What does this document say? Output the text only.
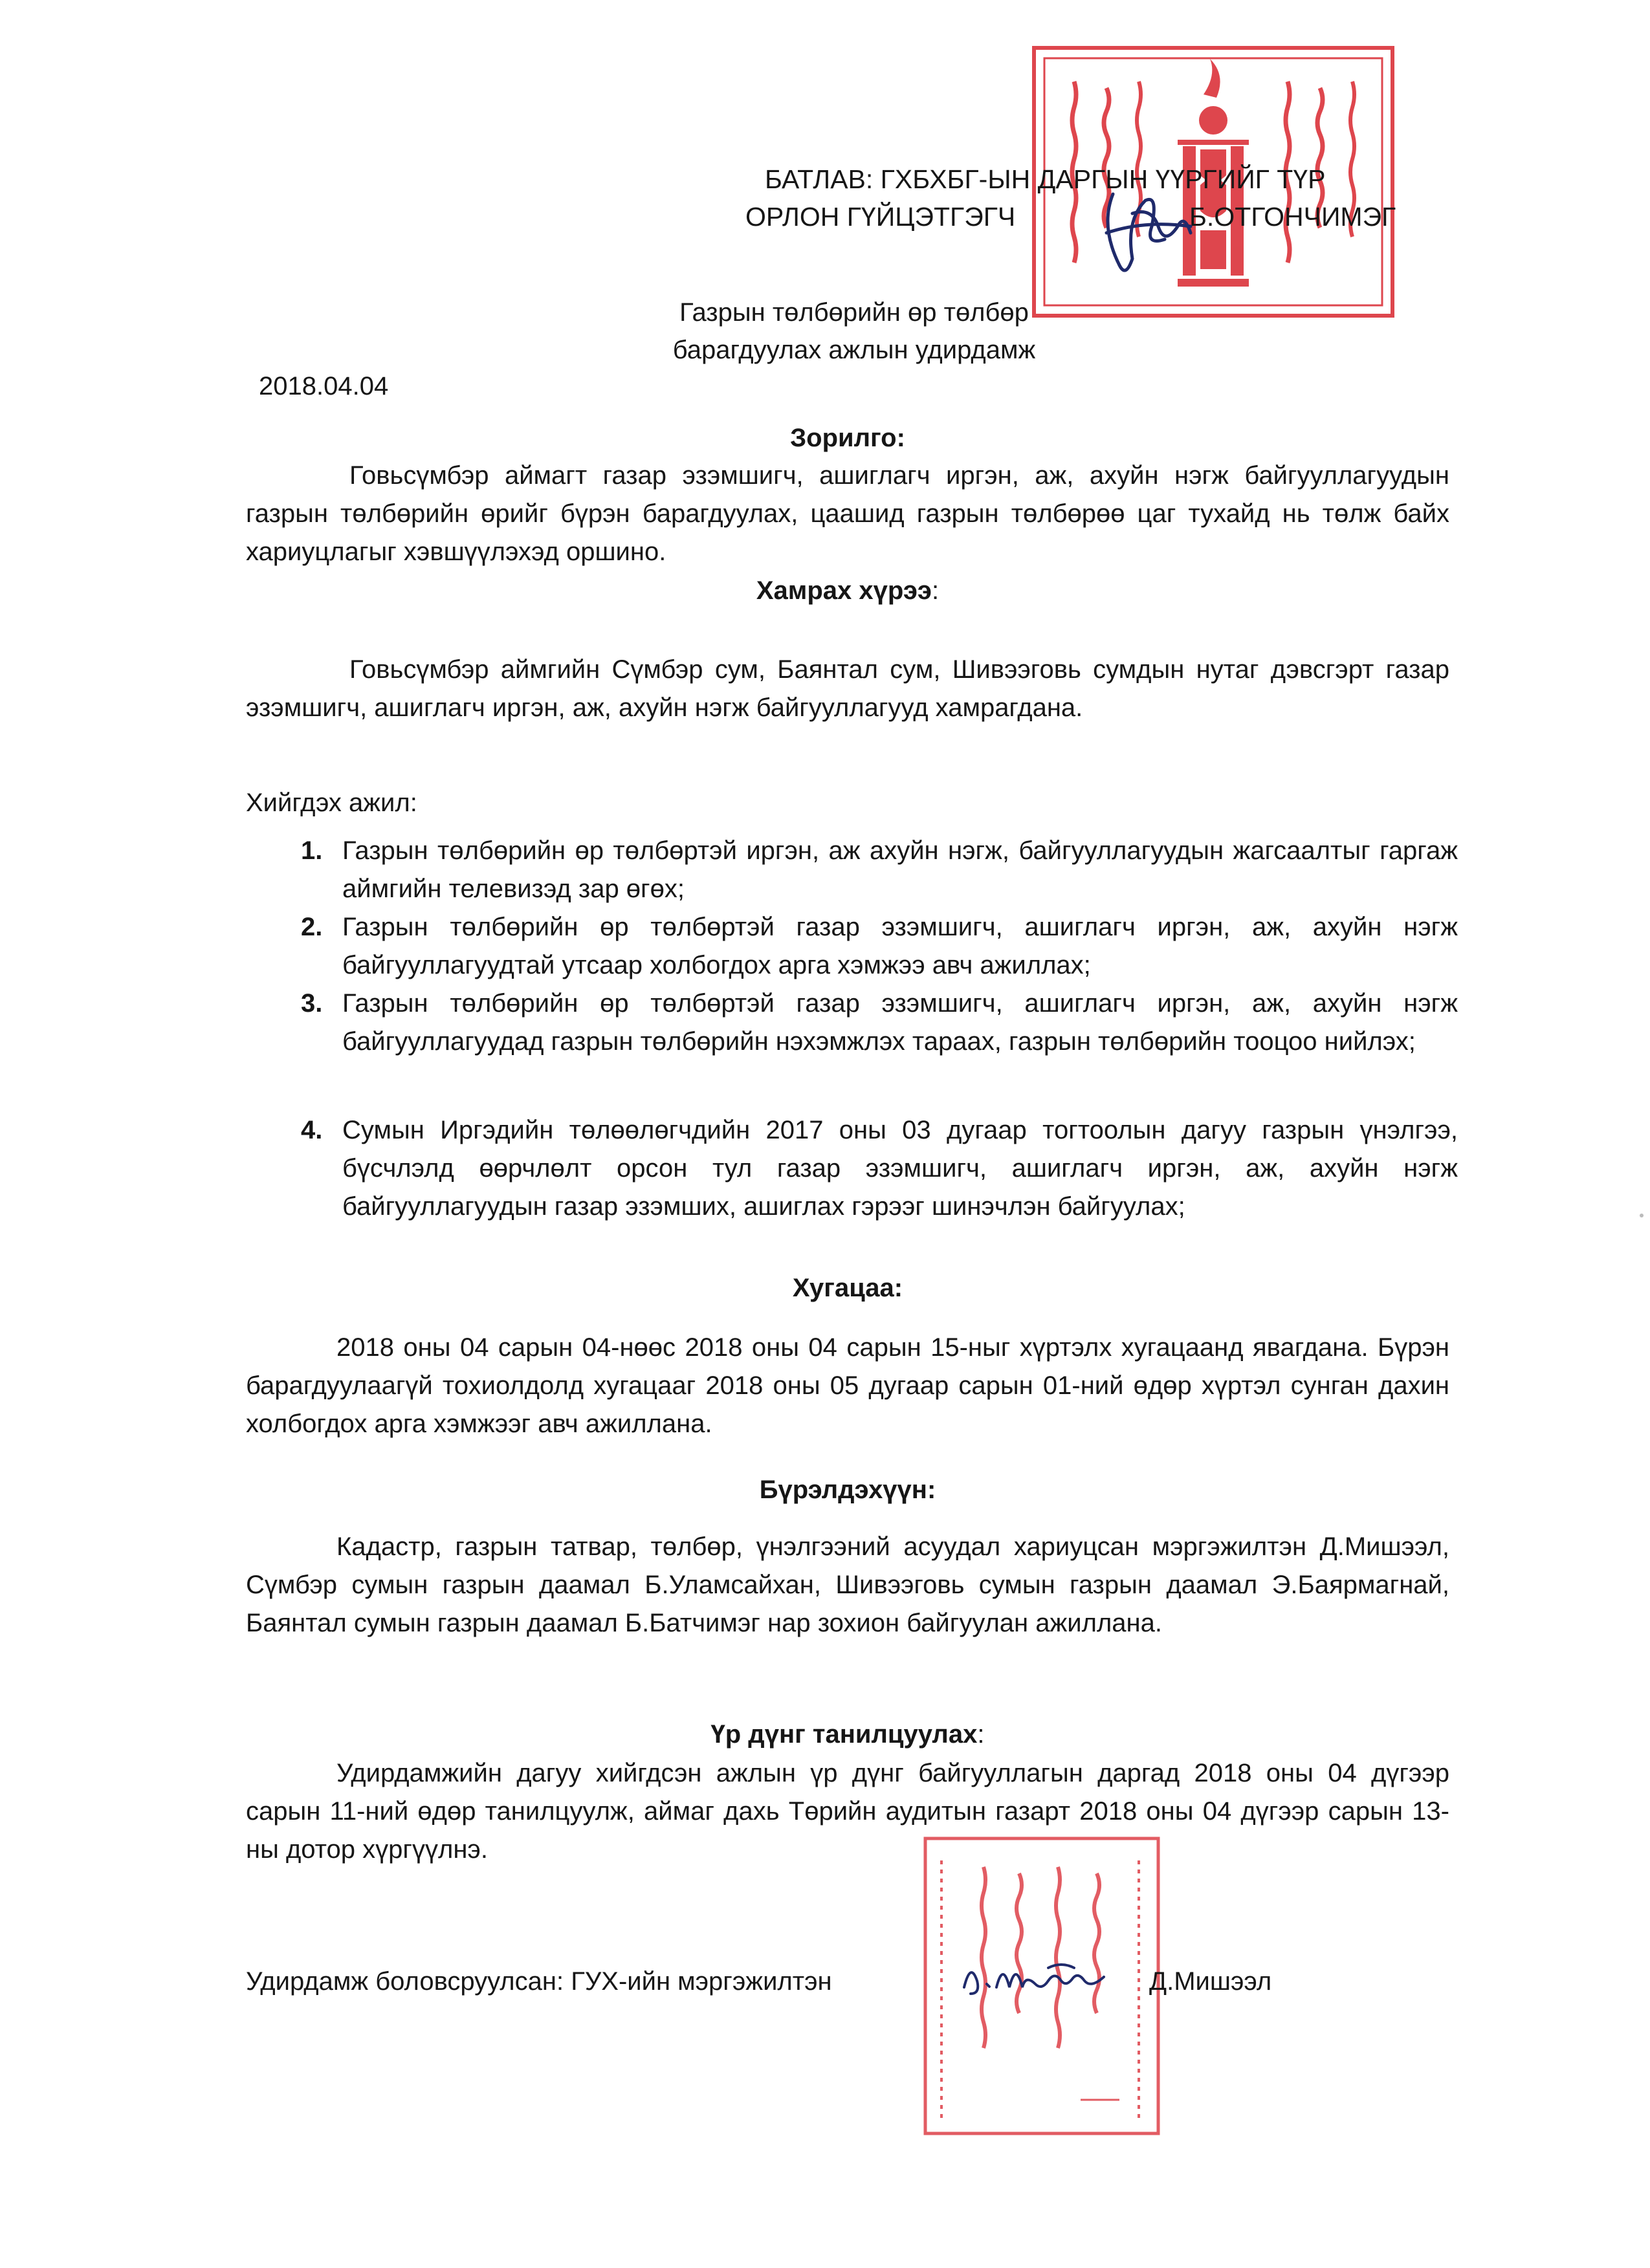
БАТЛАВ: ГХБХБГ-ЫН ДАРГЫН ҮҮРГИЙГ ТҮР
ОРЛОН ГҮЙЦЭТГЭГЧ	Б.ОТГОНЧИМЭГ
Газрын төлбөрийн өр төлбөр
барагдуулах ажлын удирдамж
2018.04.04
Зорилго:
Говьсүмбэр аймагт газар эзэмшигч, ашиглагч иргэн, аж, ахуйн нэгж байгууллагуудын газрын төлбөрийн өрийг бүрэн барагдуулах, цаашид газрын төлбөрөө цаг тухайд нь төлж байх хариуцлагыг хэвшүүлэхэд оршино.
Хамрах хүрээ:
Говьсүмбэр аймгийн Сүмбэр сум, Баянтал сум, Шивээговь сумдын нутаг дэвсгэрт газар эзэмшигч, ашиглагч иргэн, аж, ахуйн нэгж байгууллагууд хамрагдана.
Хийгдэх ажил:
1. Газрын төлбөрийн өр төлбөртэй иргэн, аж ахуйн нэгж, байгууллагуудын жагсаалтыг гаргаж аймгийн телевизэд зар өгөх;
2. Газрын төлбөрийн өр төлбөртэй газар эзэмшигч, ашиглагч иргэн, аж, ахуйн нэгж байгууллагуудтай утсаар холбогдох арга хэмжээ авч ажиллах;
3. Газрын төлбөрийн өр төлбөртэй газар эзэмшигч, ашиглагч иргэн, аж, ахуйн нэгж байгууллагуудад газрын төлбөрийн нэхэмжлэх тараах, газрын төлбөрийн тооцоо нийлэх;
4. Сумын Иргэдийн төлөөлөгчдийн 2017 оны 03 дугаар тогтоолын дагуу газрын үнэлгээ, бүсчлэлд өөрчлөлт орсон тул газар эзэмшигч, ашиглагч иргэн, аж, ахуйн нэгж байгууллагуудын газар эзэмших, ашиглах гэрээг шинэчлэн байгуулах;
Хугацаа:
2018 оны 04 сарын 04-нөөс 2018 оны 04 сарын 15-ныг хүртэлх хугацаанд явагдана. Бүрэн барагдуулаагүй тохиолдолд хугацааг 2018 оны 05 дугаар сарын 01-ний өдөр хүртэл сунган дахин холбогдох арга хэмжээг авч ажиллана.
Бүрэлдэхүүн:
Кадастр, газрын татвар, төлбөр, үнэлгээний асуудал хариуцсан мэргэжилтэн Д.Мишээл, Сүмбэр сумын газрын даамал Б.Уламсайхан, Шивээговь сумын газрын даамал Э.Баярмагнай, Баянтал сумын газрын даамал Б.Батчимэг нар зохион байгуулан ажиллана.
Үр дүнг танилцуулах:
Удирдамжийн дагуу хийгдсэн ажлын үр дүнг байгууллагын даргад 2018 оны 04 дүгээр сарын 11-ний өдөр танилцуулж, аймаг дахь Төрийн аудитын газарт 2018 оны 04 дүгээр сарын 13-ны дотор хүргүүлнэ.
Удирдамж боловсруулсан: ГУХ-ийн мэргэжилтэн	Д.Мишээл
